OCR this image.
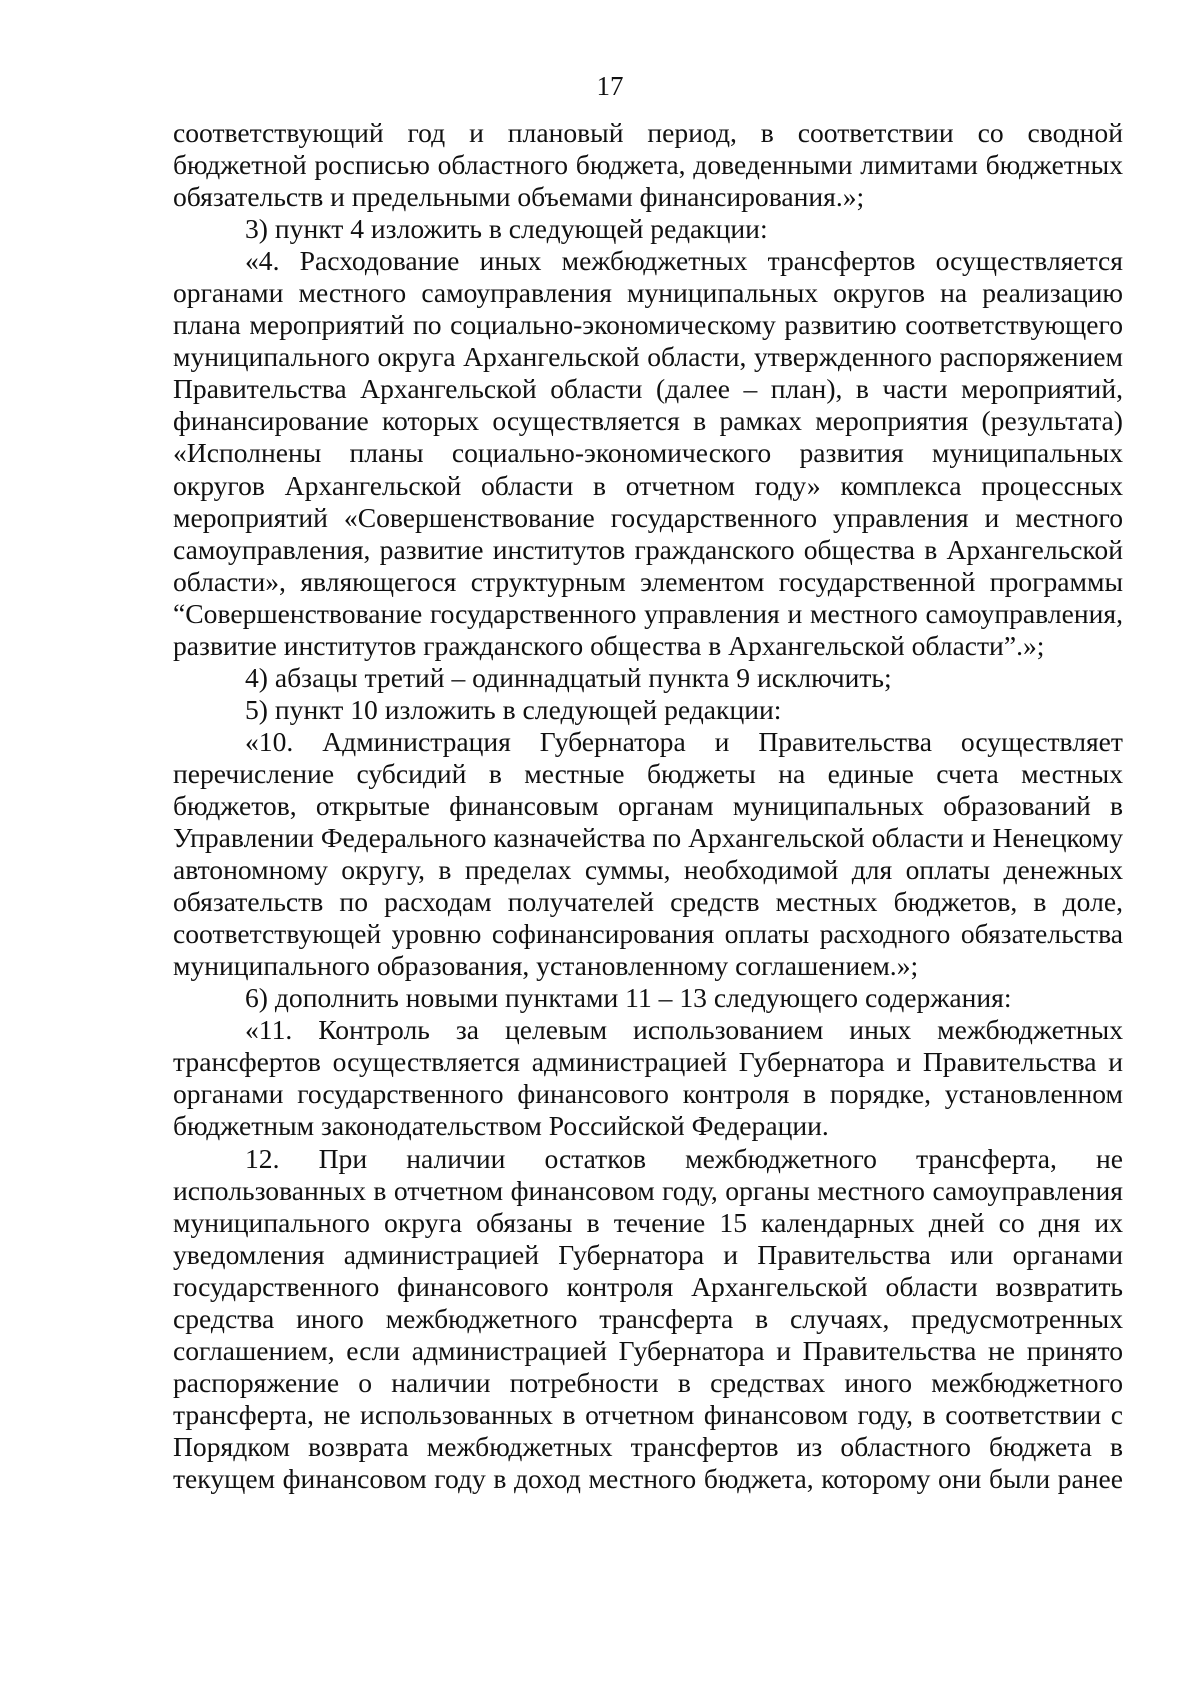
17

соответствующий год и плановый период, в соответствии со сводной бюджетной росписью областного бюджета, доведенными лимитами бюджетных обязательств и предельными объемами финансирования.»;

3) пункт 4 изложить в следующей редакции:

«4. Расходование иных межбюджетных трансфертов осуществляется органами местного самоуправления муниципальных округов на реализацию плана мероприятий по социально-экономическому развитию соответствующего муниципального округа Архангельской области, утвержденного распоряжением Правительства Архангельской области (далее – план), в части мероприятий, финансирование которых осуществляется в рамках мероприятия (результата) «Исполнены планы социально-экономического развития муниципальных округов Архангельской области в отчетном году» комплекса процессных мероприятий «Совершенствование государственного управления и местного самоуправления, развитие институтов гражданского общества в Архангельской области», являющегося структурным элементом государственной программы “Совершенствование государственного управления и местного самоуправления, развитие институтов гражданского общества в Архангельской области”.»;

4) абзацы третий – одиннадцатый пункта 9 исключить;

5) пункт 10 изложить в следующей редакции:

«10. Администрация Губернатора и Правительства осуществляет перечисление субсидий в местные бюджеты на единые счета местных бюджетов, открытые финансовым органам муниципальных образований в Управлении Федерального казначейства по Архангельской области и Ненецкому автономному округу, в пределах суммы, необходимой для оплаты денежных обязательств по расходам получателей средств местных бюджетов, в доле, соответствующей уровню софинансирования оплаты расходного обязательства муниципального образования, установленному соглашением.»;

6) дополнить новыми пунктами 11 – 13 следующего содержания:

«11. Контроль за целевым использованием иных межбюджетных трансфертов осуществляется администрацией Губернатора и Правительства и органами государственного финансового контроля в порядке, установленном бюджетным законодательством Российской Федерации.

12. При наличии остатков межбюджетного трансферта, не использованных в отчетном финансовом году, органы местного самоуправления муниципального округа обязаны в течение 15 календарных дней со дня их уведомления администрацией Губернатора и Правительства или органами государственного финансового контроля Архангельской области возвратить средства иного межбюджетного трансферта в случаях, предусмотренных соглашением, если администрацией Губернатора и Правительства не принято распоряжение о наличии потребности в средствах иного межбюджетного трансферта, не использованных в отчетном финансовом году, в соответствии с Порядком возврата межбюджетных трансфертов из областного бюджета в текущем финансовом году в доход местного бюджета, которому они были ранее
